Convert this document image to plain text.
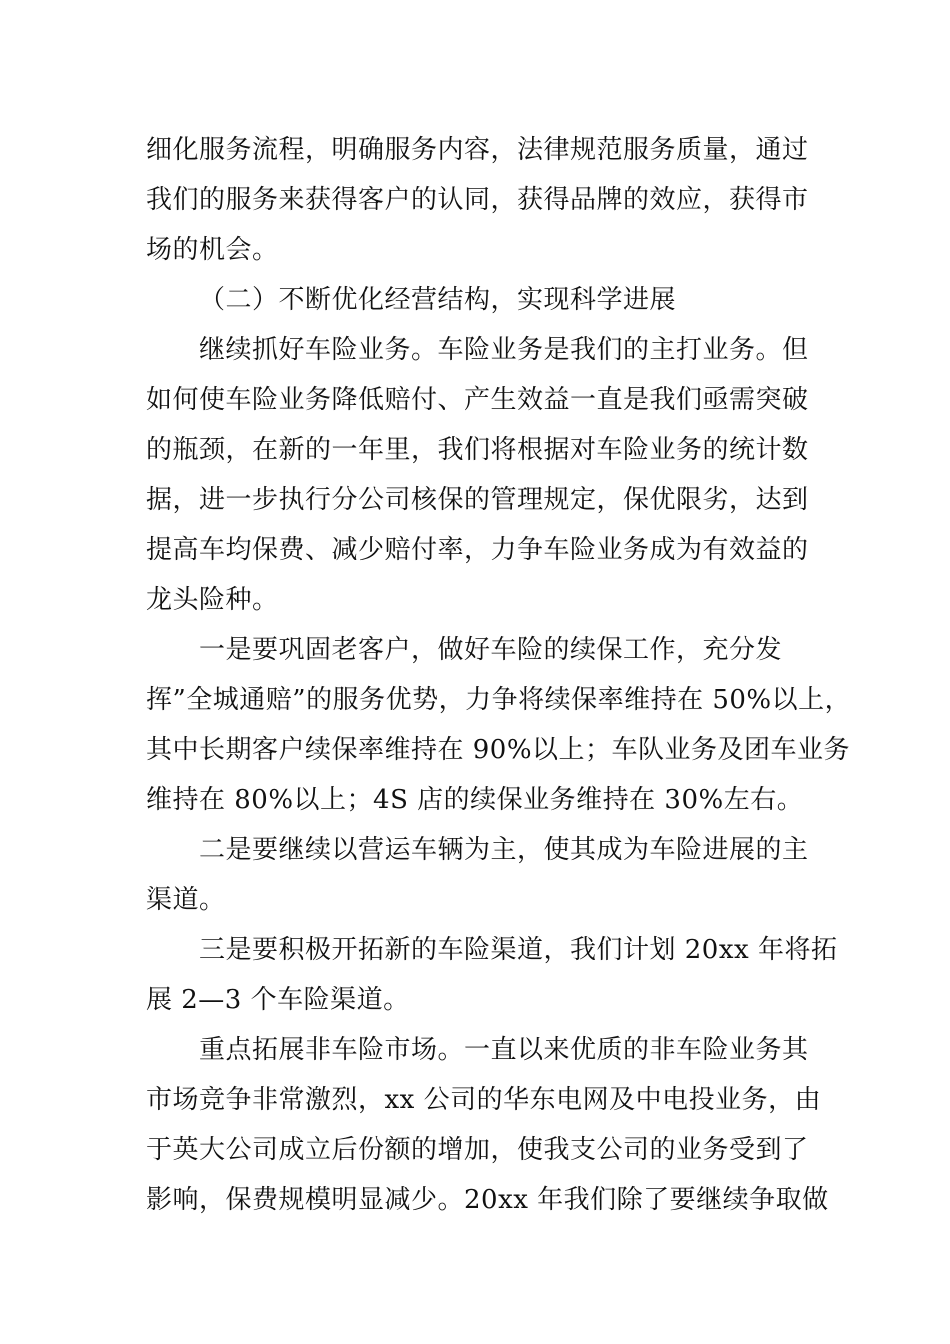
细化服务流程，明确服务内容，法律规范服务质量，通过
我们的服务来获得客户的认同，获得品牌的效应，获得市
场的机会。
（二）不断优化经营结构，实现科学进展
继续抓好车险业务。车险业务是我们的主打业务。但
如何使车险业务降低赔付、产生效益一直是我们亟需突破
的瓶颈，在新的一年里，我们将根据对车险业务的统计数
据，进一步执行分公司核保的管理规定，保优限劣，达到
提高车均保费、减少赔付率，力争车险业务成为有效益的
龙头险种。
一是要巩固老客户，做好车险的续保工作，充分发
挥”全城通赔”的服务优势，力争将续保率维持在 50%以上，
其中长期客户续保率维持在 90%以上；车队业务及团车业务
维持在 80%以上；4S 店的续保业务维持在 30%左右。
二是要继续以营运车辆为主，使其成为车险进展的主
渠道。
三是要积极开拓新的车险渠道，我们计划 20xx 年将拓
展 2—3 个车险渠道。
重点拓展非车险市场。一直以来优质的非车险业务其
市场竞争非常激烈，xx 公司的华东电网及中电投业务，由
于英大公司成立后份额的增加，使我支公司的业务受到了
影响，保费规模明显减少。20xx 年我们除了要继续争取做
